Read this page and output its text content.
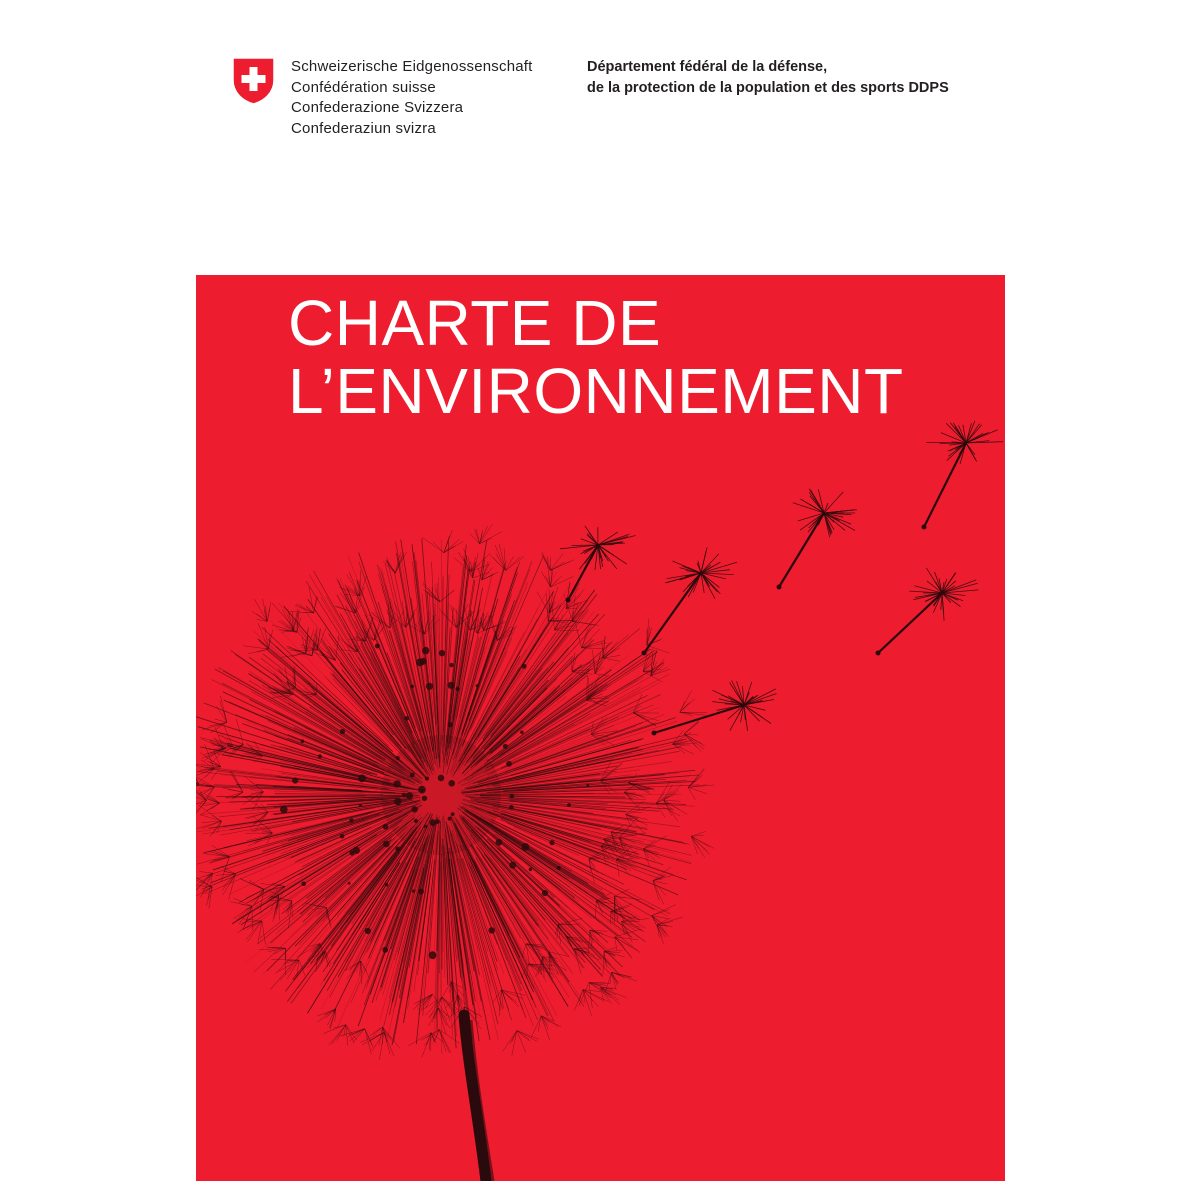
Schweizerische Eidgenossenschaft
Confédération suisse
Confederazione Svizzera
Confederaziun svizra
Département fédéral de la défense,
de la protection de la population et des sports DDPS
CHARTE DE
L’ENVIRONNEMENT
